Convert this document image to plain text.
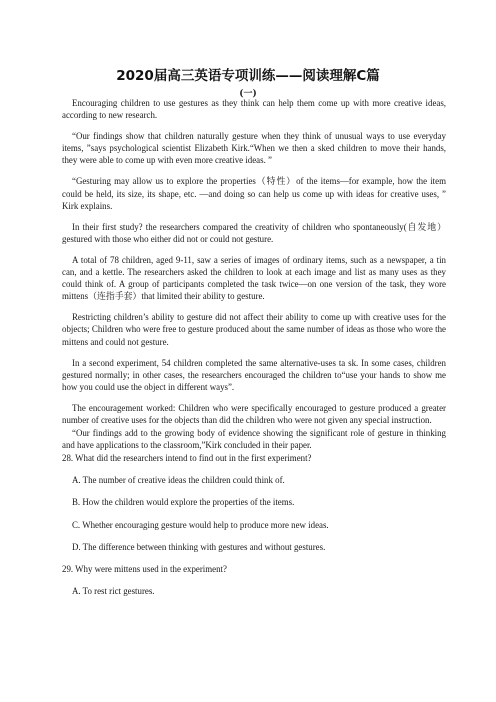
2020届高三英语专项训练——阅读理解C篇
(一)

Encouraging children to use gestures as they think can help them come up with more creative ideas, according to new research.

“Our findings show that children naturally gesture when they think of unusual ways to use everyday items, ”says psychological scientist Elizabeth Kirk.“When we then a sked children to move their hands, they were able to come up with even more creative ideas. ”

“Gesturing may allow us to explore the properties（特性）of the items—for example, how the item could be held, its size, its shape, etc. —and doing so can help us come up with ideas for creative uses, ” Kirk explains.

In their first study? the researchers compared the creativity of children who spontaneously(自发地）gestured with those who either did not or could not gesture.

A total of 78 children, aged 9-11, saw a series of images of ordinary items, such as a newspaper, a tin can, and a kettle. The researchers asked the children to look at each image and list as many uses as they could think of. A group of participants completed the task twice—on one version of the task, they wore mittens（连指手套）that limited their ability to gesture.

Restricting children’s ability to gesture did not affect their ability to come up with creative uses for the objects; Children who were free to gesture produced about the same number of ideas as those who wore the mittens and could not gesture.

In a second experiment, 54 children completed the same alternative-uses ta sk. In some cases, children gestured normally; in other cases, the researchers encouraged the children to“use your hands to show me how you could use the object in different ways”.

The encouragement worked: Children who were specifically encouraged to gesture produced a greater number of creative uses for the objects than did the children who were not given any special instruction.

“Our findings add to the growing body of evidence showing the significant role of gesture in thinking and have applications to the classroom,”Kirk concluded in their paper.

28. What did the researchers intend to find out in the first experiment?

A. The number of creative ideas the children could think of.

B. How the children would explore the properties of the items.

C. Whether encouraging gesture would help to produce more new ideas.

D. The difference between thinking with gestures and without gestures.

29. Why were mittens used in the experiment?

A. To rest rict gestures.
